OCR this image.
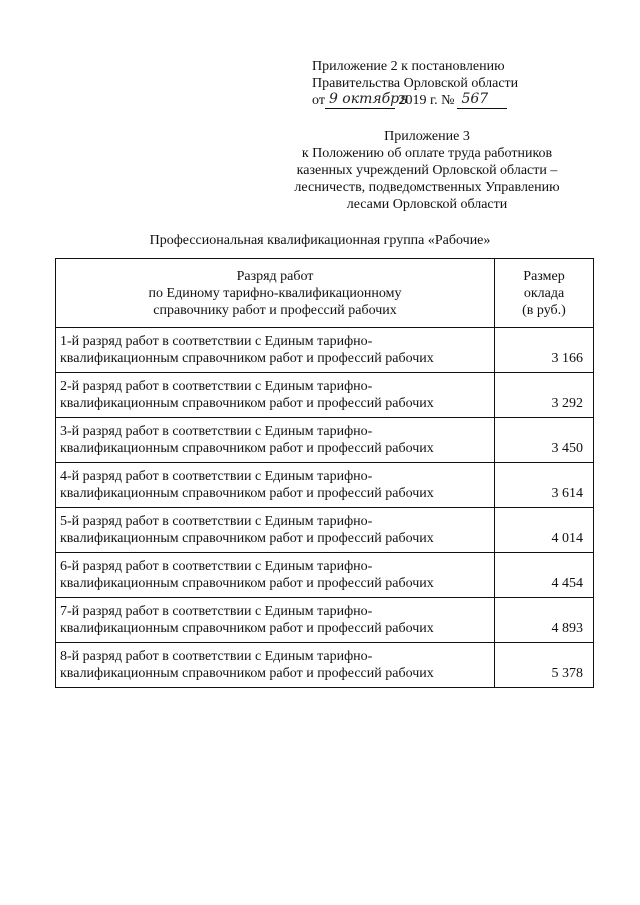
Приложение 2 к постановлению
Правительства Орловской области
от 9 октября 2019 г. № 567
Приложение 3
к Положению об оплате труда работников
казенных учреждений Орловской области –
лесничеств, подведомственных Управлению
лесами Орловской области
Профессиональная квалификационная группа «Рабочие»
Разряд работ
по Единому тарифно-квалификационному
справочнику работ и профессий рабочих	Размер
оклада
(в руб.)

1-й разряд работ в соответствии с Единым тарифно-
квалификационным справочником работ и профессий рабочих	3 166

2-й разряд работ в соответствии с Единым тарифно-
квалификационным справочником работ и профессий рабочих	3 292

3-й разряд работ в соответствии с Единым тарифно-
квалификационным справочником работ и профессий рабочих	3 450

4-й разряд работ в соответствии с Единым тарифно-
квалификационным справочником работ и профессий рабочих	3 614

5-й разряд работ в соответствии с Единым тарифно-
квалификационным справочником работ и профессий рабочих	4 014

6-й разряд работ в соответствии с Единым тарифно-
квалификационным справочником работ и профессий рабочих	4 454

7-й разряд работ в соответствии с Единым тарифно-
квалификационным справочником работ и профессий рабочих	4 893

8-й разряд работ в соответствии с Единым тарифно-
квалификационным справочником работ и профессий рабочих	5 378
